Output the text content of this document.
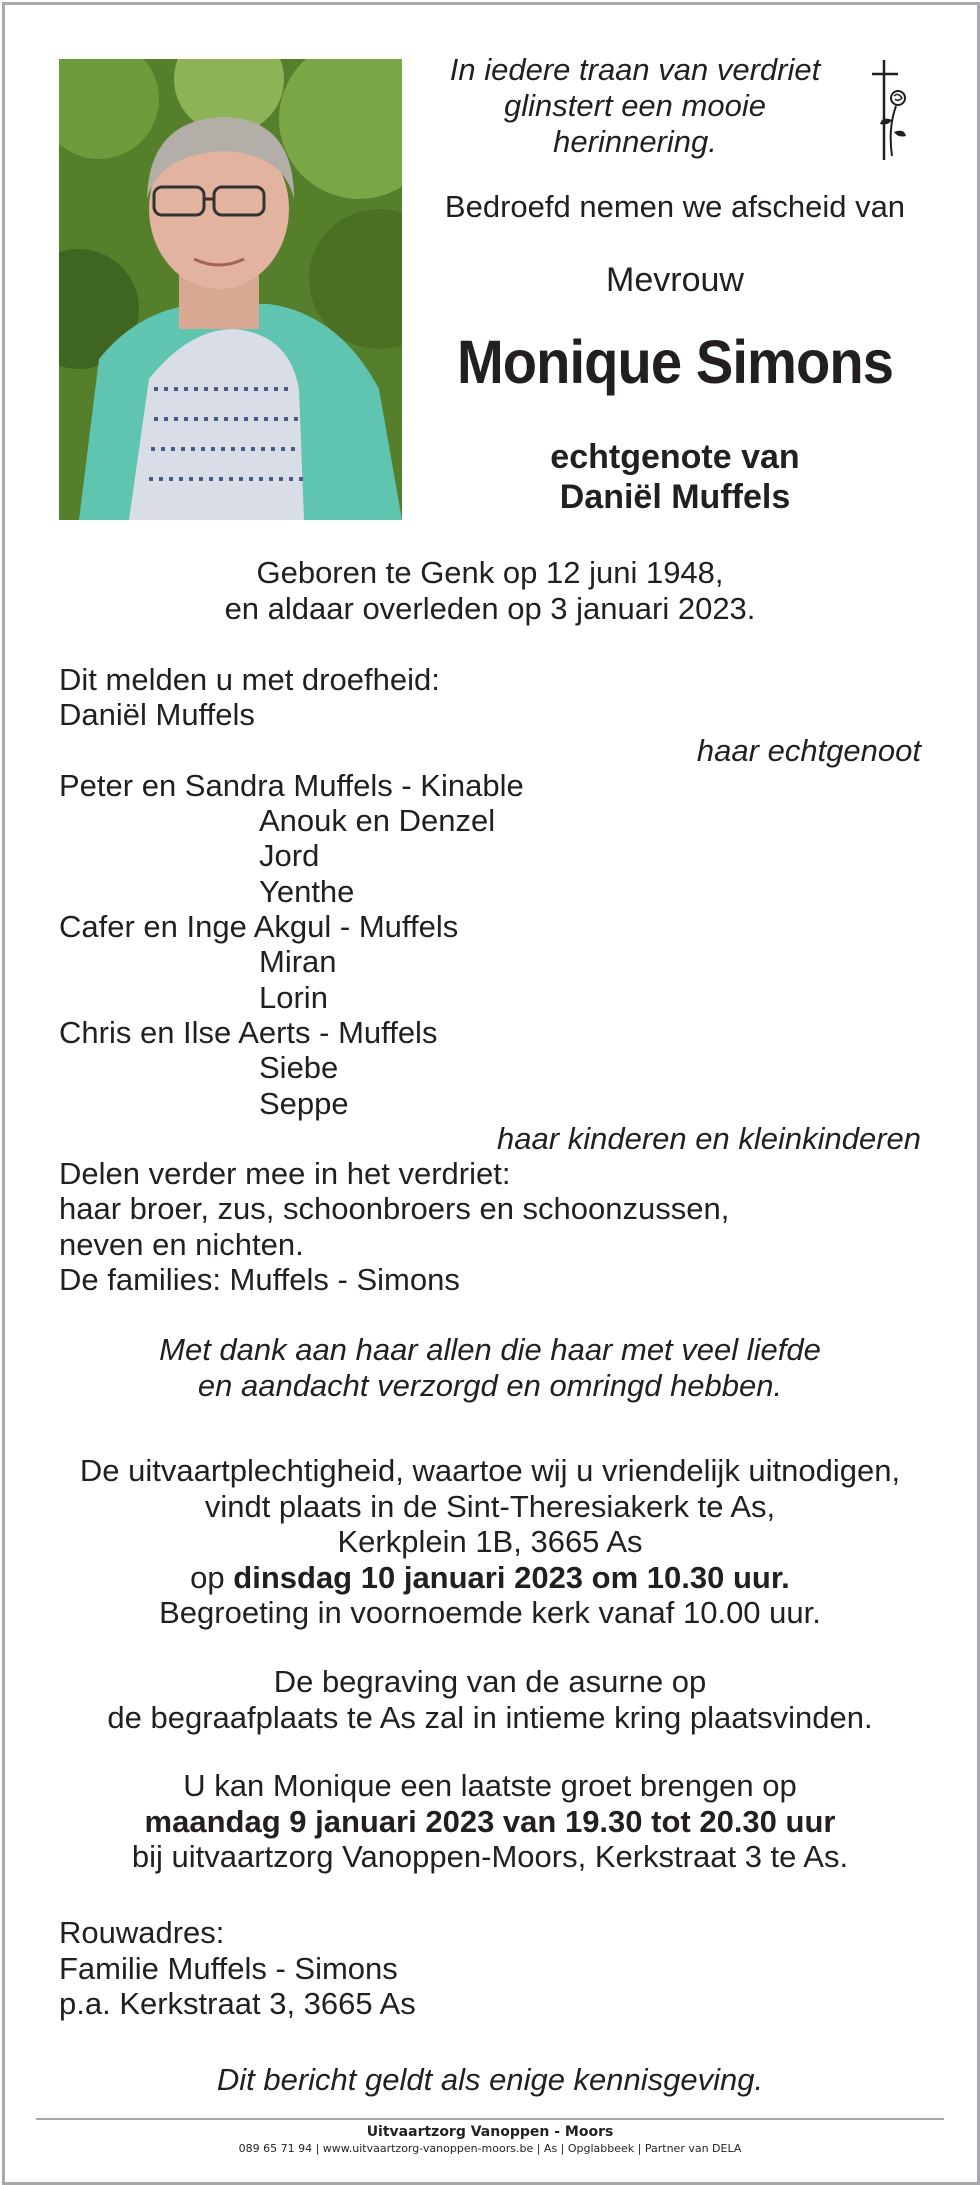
In iedere traan van verdriet
glinstert een mooie
herinnering.
Bedroefd nemen we afscheid van
Mevrouw
Monique Simons
echtgenote van
Daniël Muffels
Geboren te Genk op 12 juni 1948,
en aldaar overleden op 3 januari 2023.
Dit melden u met droefheid:
Daniël Muffels
haar echtgenoot
Peter en Sandra Muffels - Kinable
Anouk en Denzel
Jord
Yenthe
Cafer en Inge Akgul - Muffels
Miran
Lorin
Chris en Ilse Aerts - Muffels
Siebe
Seppe
haar kinderen en kleinkinderen
Delen verder mee in het verdriet:
haar broer, zus, schoonbroers en schoonzussen,
neven en nichten.
De families: Muffels - Simons
Met dank aan haar allen die haar met veel liefde
en aandacht verzorgd en omringd hebben.
De uitvaartplechtigheid, waartoe wij u vriendelijk uitnodigen,
vindt plaats in de Sint-Theresiakerk te As,
Kerkplein 1B, 3665 As
op dinsdag 10 januari 2023 om 10.30 uur.
Begroeting in voornoemde kerk vanaf 10.00 uur.
De begraving van de asurne op
de begraafplaats te As zal in intieme kring plaatsvinden.
U kan Monique een laatste groet brengen op
maandag 9 januari 2023 van 19.30 tot 20.30 uur
bij uitvaartzorg Vanoppen-Moors, Kerkstraat 3 te As.
Rouwadres:
Familie Muffels - Simons
p.a. Kerkstraat 3, 3665 As
Dit bericht geldt als enige kennisgeving.
Uitvaartzorg Vanoppen - Moors
089 65 71 94 | www.uitvaartzorg-vanoppen-moors.be | As | Opglabbeek | Partner van DELA
